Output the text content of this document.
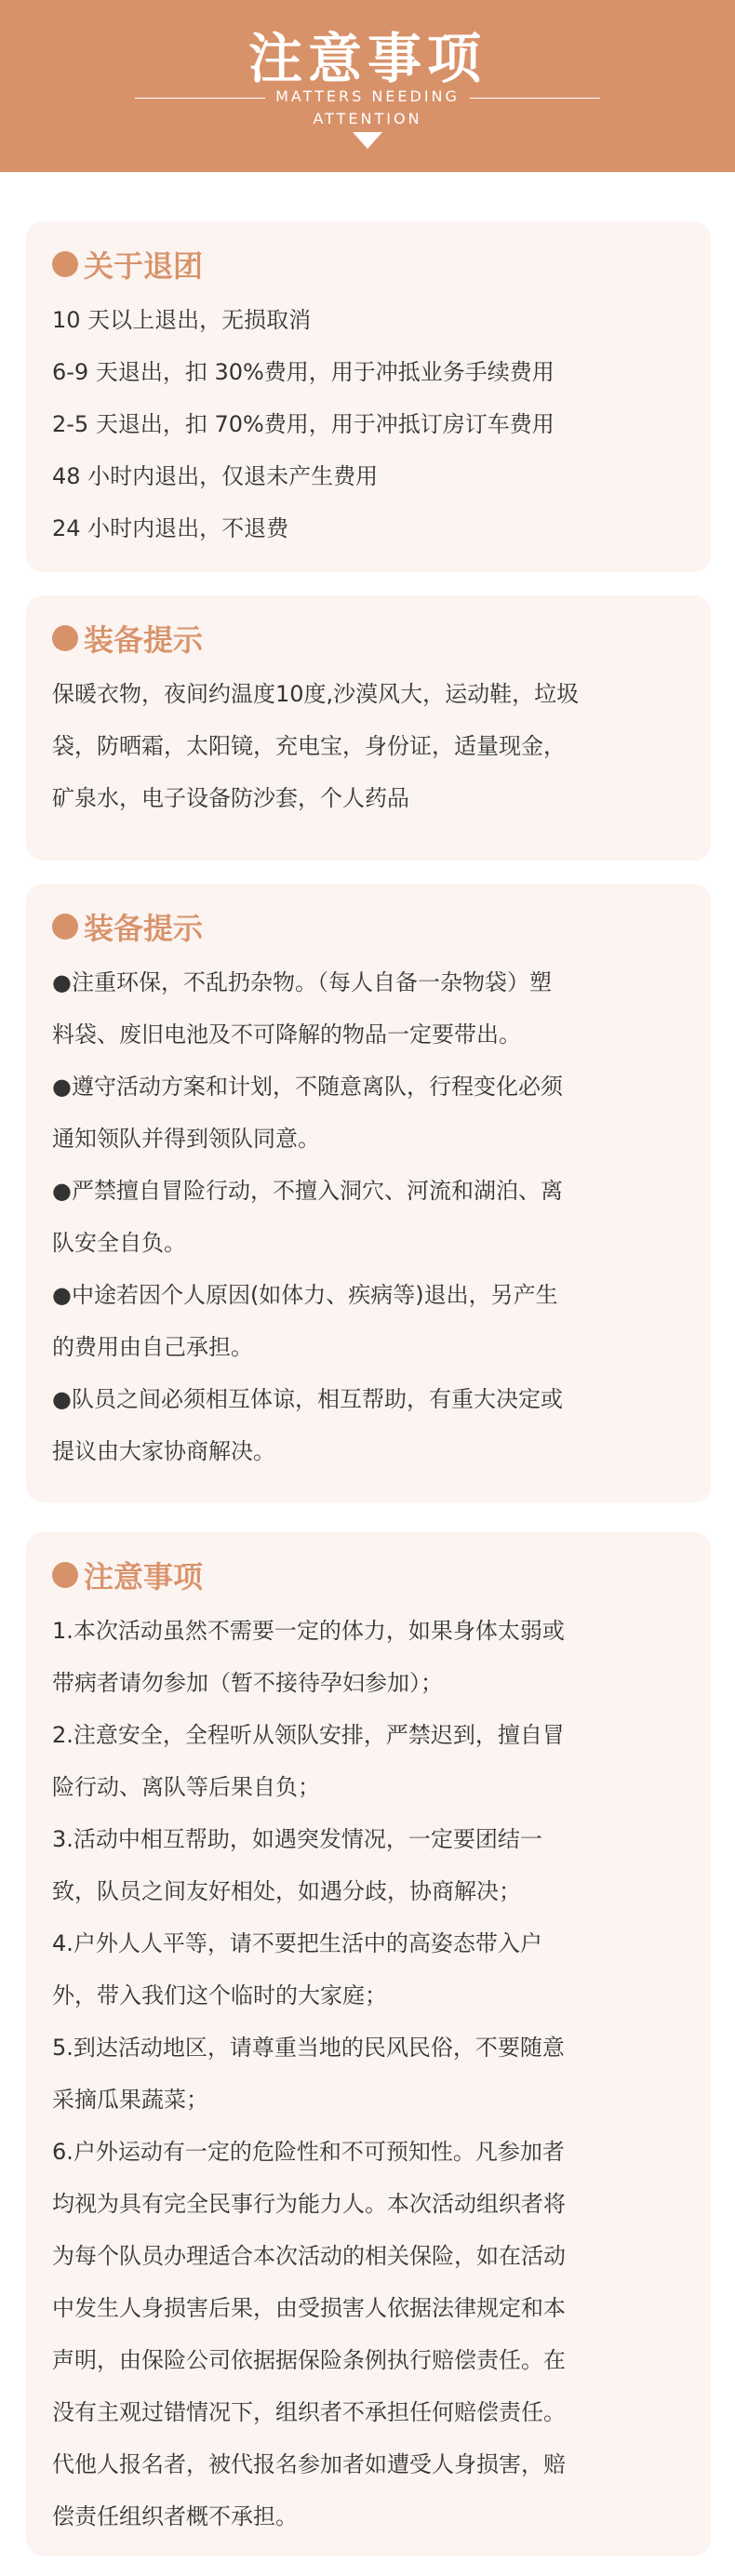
注意事项
MATTERS NEEDING
ATTENTION
关于退团
10 天以上退出，无损取消
6-9 天退出，扣 30%费用，用于冲抵业务手续费用
2-5 天退出，扣 70%费用，用于冲抵订房订车费用
48 小时内退出，仅退未产生费用
24 小时内退出，不退费
装备提示
保暖衣物，夜间约温度10度,沙漠风大，运动鞋，垃圾
袋，防晒霜，太阳镜，充电宝，身份证，适量现金，
矿泉水，电子设备防沙套，个人药品
装备提示
●注重环保，不乱扔杂物。（每人自备一杂物袋）塑
料袋、废旧电池及不可降解的物品一定要带出。
●遵守活动方案和计划，不随意离队，行程变化必须
通知领队并得到领队同意。
●严禁擅自冒险行动，不擅入洞穴、河流和湖泊、离
队安全自负。
●中途若因个人原因(如体力、疾病等)退出，另产生
的费用由自己承担。
●队员之间必须相互体谅，相互帮助，有重大决定或
提议由大家协商解决。
注意事项
1.本次活动虽然不需要一定的体力，如果身体太弱或
带病者请勿参加（暂不接待孕妇参加）；
2.注意安全，全程听从领队安排，严禁迟到，擅自冒
险行动、离队等后果自负；
3.活动中相互帮助，如遇突发情况，一定要团结一
致，队员之间友好相处，如遇分歧，协商解决；
4.户外人人平等，请不要把生活中的高姿态带入户
外，带入我们这个临时的大家庭；
5.到达活动地区，请尊重当地的民风民俗，不要随意
采摘瓜果蔬菜；
6.户外运动有一定的危险性和不可预知性。凡参加者
均视为具有完全民事行为能力人。本次活动组织者将
为每个队员办理适合本次活动的相关保险，如在活动
中发生人身损害后果，由受损害人依据法律规定和本
声明，由保险公司依据据保险条例执行赔偿责任。在
没有主观过错情况下，组织者不承担任何赔偿责任。
代他人报名者，被代报名参加者如遭受人身损害，赔
偿责任组织者概不承担。
